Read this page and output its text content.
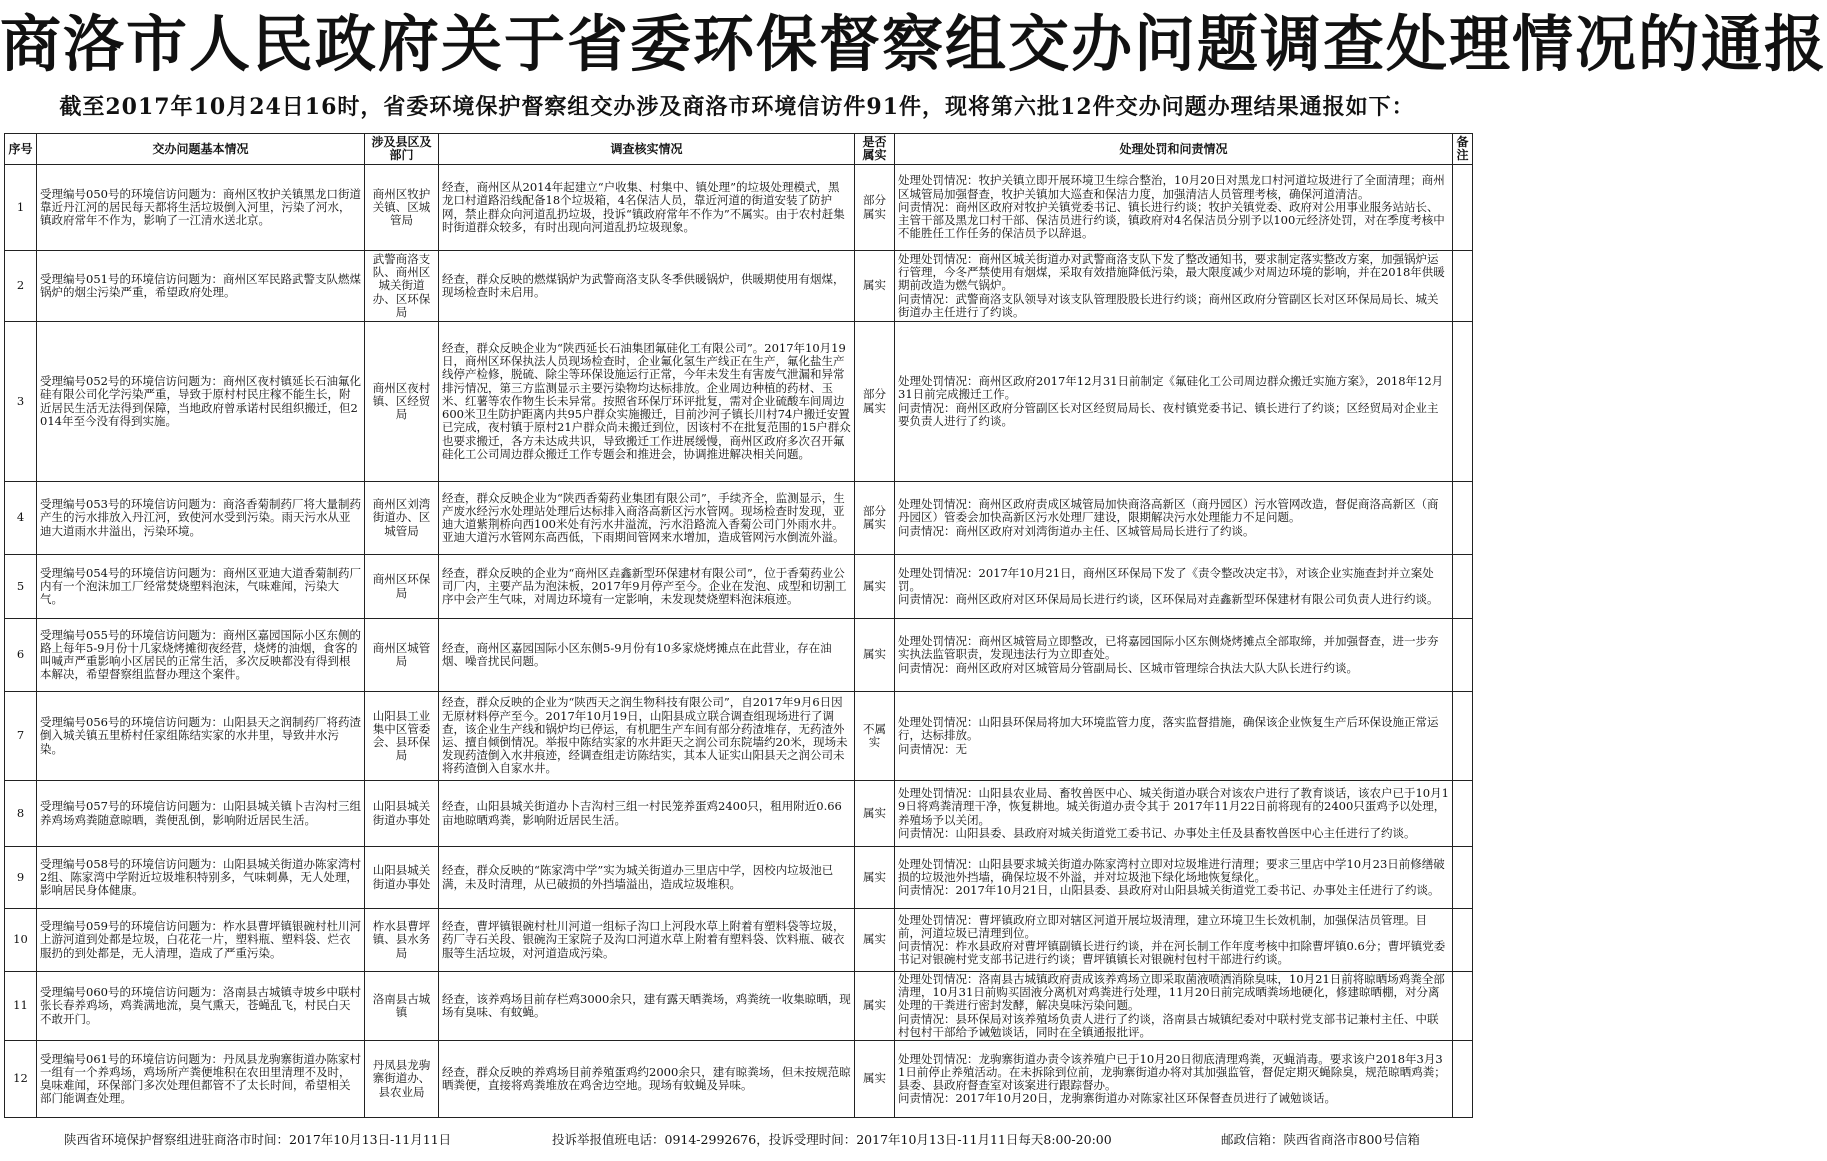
商洛市人民政府关于省委环保督察组交办问题调查处理情况的通报
截至2017年10月24日16时，省委环境保护督察组交办涉及商洛市环境信访件91件，现将第六批12件交办问题办理结果通报如下：
序号	交办问题基本情况	涉及县区及部门	调查核实情况	是否属实	处理处罚和问责情况	备注
1	受理编号050号的环境信访问题为：商州区牧护关镇黑龙口街道靠近丹江河的居民每天都将生活垃圾倒入河里，污染了河水，镇政府常年不作为，影响了一江清水送北京。	商州区牧护关镇、区城管局	经查，商州区从2014年起建立“户收集、村集中、镇处理”的垃圾处理模式，黑龙口村道路沿线配备18个垃圾箱，4名保洁人员，靠近河道的街道安装了防护网，禁止群众向河道乱扔垃圾，投诉“镇政府常年不作为”不属实。由于农村赶集时街道群众较多，有时出现向河道乱扔垃圾现象。	部分属实	处理处罚情况：牧护关镇立即开展环境卫生综合整治，10月20日对黑龙口村河道垃圾进行了全面清理；商州区城管局加强督查，牧护关镇加大巡查和保洁力度，加强清洁人员管理考核，确保河道清洁。
问责情况：商州区政府对牧护关镇党委书记、镇长进行约谈；牧护关镇党委、政府对公用事业服务站站长、主管干部及黑龙口村干部、保洁员进行约谈，镇政府对4名保洁员分别予以100元经济处罚，对在季度考核中不能胜任工作任务的保洁员予以辞退。	
2	受理编号051号的环境信访问题为：商州区军民路武警支队燃煤锅炉的烟尘污染严重，希望政府处理。	武警商洛支队、商州区城关街道办、区环保局	经查，群众反映的燃煤锅炉为武警商洛支队冬季供暖锅炉，供暖期使用有烟煤，现场检查时未启用。	属实	处理处罚情况：商州区城关街道办对武警商洛支队下发了整改通知书，要求制定落实整改方案，加强锅炉运行管理，今冬严禁使用有烟煤，采取有效措施降低污染，最大限度减少对周边环境的影响，并在2018年供暖期前改造为燃气锅炉。
问责情况：武警商洛支队领导对该支队管理股股长进行约谈；商州区政府分管副区长对区环保局局长、城关街道办主任进行了约谈。	
3	受理编号052号的环境信访问题为：商州区夜村镇延长石油氟化硅有限公司化学污染严重，导致于原村村民庄稼不能生长，附近居民生活无法得到保障，当地政府曾承诺村民组织搬迁，但2014年至今没有得到实施。	商州区夜村镇、区经贸局	经查，群众反映企业为“陕西延长石油集团氟硅化工有限公司”。2017年10月19日，商州区环保执法人员现场检查时，企业氟化氢生产线正在生产，氟化盐生产线停产检修，脱硫、除尘等环保设施运行正常，今年未发生有害废气泄漏和异常排污情况，第三方监测显示主要污染物均达标排放。企业周边种植的药材、玉米、红薯等农作物生长未异常。按照省环保厅环评批复，需对企业硫酸车间周边600米卫生防护距离内共95户群众实施搬迁，目前沙河子镇长川村74户搬迁安置已完成，夜村镇于原村21户群众尚未搬迁到位，因该村不在批复范围的15户群众也要求搬迁，各方未达成共识，导致搬迁工作进展缓慢，商州区政府多次召开氟硅化工公司周边群众搬迁工作专题会和推进会，协调推进解决相关问题。	部分属实	处理处罚情况：商州区政府2017年12月31日前制定《氟硅化工公司周边群众搬迁实施方案》，2018年12月31日前完成搬迁工作。
问责情况：商州区政府分管副区长对区经贸局局长、夜村镇党委书记、镇长进行了约谈；区经贸局对企业主要负责人进行了约谈。	
4	受理编号053号的环境信访问题为：商洛香菊制药厂将大量制药产生的污水排放入丹江河，致使河水受到污染。雨天污水从亚迪大道雨水井溢出，污染环境。	商州区刘湾街道办、区城管局	经查，群众反映企业为“陕西香菊药业集团有限公司”，手续齐全，监测显示，生产废水经污水处理站处理后达标排入商洛高新区污水管网。现场检查时发现，亚迪大道紫荆桥向西100米处有污水井溢流，污水沿路流入香菊公司门外雨水井。亚迪大道污水管网东高西低，下雨期间管网来水增加，造成管网污水倒流外溢。	部分属实	处理处罚情况：商州区政府责成区城管局加快商洛高新区（商丹园区）污水管网改造，督促商洛高新区（商丹园区）管委会加快高新区污水处理厂建设，限期解决污水处理能力不足问题。
问责情况：商州区政府对刘湾街道办主任、区城管局局长进行了约谈。	
5	受理编号054号的环境信访问题为：商州区亚迪大道香菊制药厂内有一个泡沫加工厂经常焚烧塑料泡沫，气味难闻，污染大气。	商州区环保局	经查，群众反映的企业为“商州区垚鑫新型环保建材有限公司”，位于香菊药业公司厂内，主要产品为泡沫板，2017年9月停产至今。企业在发泡、成型和切割工序中会产生气味，对周边环境有一定影响，未发现焚烧塑料泡沫痕迹。	属实	处理处罚情况：2017年10月21日，商州区环保局下发了《责令整改决定书》，对该企业实施查封并立案处罚。
问责情况：商州区政府对区环保局局长进行约谈，区环保局对垚鑫新型环保建材有限公司负责人进行约谈。	
6	受理编号055号的环境信访问题为：商州区嘉园国际小区东侧的路上每年5-9月份十几家烧烤摊彻夜经营，烧烤的油烟，食客的叫喊声严重影响小区居民的正常生活，多次反映都没有得到根本解决，希望督察组监督办理这个案件。	商州区城管局	经查，商州区嘉园国际小区东侧5-9月份有10多家烧烤摊点在此营业，存在油烟、噪音扰民问题。	属实	处理处罚情况：商州区城管局立即整改，已将嘉园国际小区东侧烧烤摊点全部取缔，并加强督查，进一步夯实执法监管职责，发现违法行为立即查处。
问责情况：商州区政府对区城管局分管副局长、区城市管理综合执法大队大队长进行约谈。	
7	受理编号056号的环境信访问题为：山阳县天之润制药厂将药渣倒入城关镇五里桥村任家组陈结实家的水井里，导致井水污染。	山阳县工业集中区管委会、县环保局	经查，群众反映的企业为“陕西天之润生物科技有限公司”，自2017年9月6日因无原材料停产至今。2017年10月19日，山阳县成立联合调查组现场进行了调查，该企业生产线和锅炉均已停运，有机肥生产车间有部分药渣堆存，无药渣外运、擅自倾倒情况。举报中陈结实家的水井距天之润公司东院墙约20米，现场未发现药渣倒入水井痕迹，经调查组走访陈结实，其本人证实山阳县天之润公司未将药渣倒入自家水井。	不属实	处理处罚情况：山阳县环保局将加大环境监管力度，落实监督措施，确保该企业恢复生产后环保设施正常运行，达标排放。
问责情况：无	
8	受理编号057号的环境信访问题为：山阳县城关镇卜吉沟村三组养鸡场鸡粪随意晾晒，粪便乱倒，影响附近居民生活。	山阳县城关街道办事处	经查，山阳县城关街道办卜吉沟村三组一村民笼养蛋鸡2400只，租用附近0.66亩地晾晒鸡粪，影响附近居民生活。	属实	处理处罚情况：山阳县农业局、畜牧兽医中心、城关街道办联合对该农户进行了教育谈话，该农户已于10月19日将鸡粪清理干净，恢复耕地。城关街道办责令其于 2017年11月22日前将现有的2400只蛋鸡予以处理，养殖场予以关闭。
问责情况：山阳县委、县政府对城关街道党工委书记、办事处主任及县畜牧兽医中心主任进行了约谈。	
9	受理编号058号的环境信访问题为：山阳县城关街道办陈家湾村2组、陈家湾中学附近垃圾堆积特别多，气味刺鼻，无人处理，影响居民身体健康。	山阳县城关街道办事处	经查，群众反映的“陈家湾中学”实为城关街道办三里店中学，因校内垃圾池已满，未及时清理，从已破损的外挡墙溢出，造成垃圾堆积。	属实	处理处罚情况：山阳县要求城关街道办陈家湾村立即对垃圾堆进行清理；要求三里店中学10月23日前修缮破损的垃圾池外挡墙，确保垃圾不外溢，并对垃圾池下绿化场地恢复绿化。
问责情况：2017年10月21日，山阳县委、县政府对山阳县城关街道党工委书记、办事处主任进行了约谈。	
10	受理编号059号的环境信访问题为：柞水县曹坪镇银碗村杜川河上游河道到处都是垃圾，白花花一片，塑料瓶、塑料袋、烂衣服扔的到处都是，无人清理，造成了严重污染。	柞水县曹坪镇、县水务局	经查，曹坪镇银碗村杜川河道一组标子沟口上河段水草上附着有塑料袋等垃圾，药厂寺石关段、银碗沟王家院子及沟口河道水草上附着有塑料袋、饮料瓶、破衣服等生活垃圾，对河道造成污染。	属实	处理处罚情况：曹坪镇政府立即对辖区河道开展垃圾清理，建立环境卫生长效机制，加强保洁员管理。目前，河道垃圾已清理到位。
问责情况：柞水县政府对曹坪镇副镇长进行约谈，并在河长制工作年度考核中扣除曹坪镇0.6分；曹坪镇党委书记对银碗村党支部书记进行约谈；曹坪镇镇长对银碗村包村干部进行约谈。	
11	受理编号060号的环境信访问题为：洛南县古城镇寺坡乡中联村张长春养鸡场，鸡粪满地流，臭气熏天，苍蝇乱飞，村民白天不敢开门。	洛南县古城镇	经查，该养鸡场目前存栏鸡3000余只，建有露天晒粪场，鸡粪统一收集晾晒，现场有臭味、有蚊蝇。	属实	处理处罚情况：洛南县古城镇政府责成该养鸡场立即采取菌液喷洒消除臭味，10月21日前将晾晒场鸡粪全部清理，10月31日前购买固液分离机对鸡粪进行处理，11月20日前完成晒粪场地硬化，修建晾晒棚，对分离处理的干粪进行密封发酵，解决臭味污染问题。
问责情况：县环保局对该养殖场负责人进行了约谈，洛南县古城镇纪委对中联村党支部书记兼村主任、中联村包村干部给予诫勉谈话，同时在全镇通报批评。	
12	受理编号061号的环境信访问题为：丹凤县龙驹寨街道办陈家村一组有一个养鸡场，鸡场所产粪便堆积在农田里清理不及时，臭味难闻，环保部门多次处理但都管不了太长时间，希望相关部门能调查处理。	丹凤县龙驹寨街道办、县农业局	经查，群众反映的养鸡场目前养殖蛋鸡约2000余只，建有晾粪场，但未按规范晾晒粪便，直接将鸡粪堆放在鸡舍边空地。现场有蚊蝇及异味。	属实	处理处罚情况：龙驹寨街道办责令该养殖户已于10月20日彻底清理鸡粪，灭蝇消毒。要求该户2018年3月31日前停止养殖活动。在未拆除到位前，龙驹寨街道办将对其加强监管，督促定期灭蝇除臭，规范晾晒鸡粪；县委、县政府督查室对该案进行跟踪督办。
问责情况：2017年10月20日，龙驹寨街道办对陈家社区环保督查员进行了诫勉谈话。	
陕西省环境保护督察组进驻商洛市时间：2017年10月13日-11月11日	投诉举报值班电话：0914-2992676，投诉受理时间：2017年10月13日-11月11日每天8:00-20:00	邮政信箱：陕西省商洛市800号信箱
